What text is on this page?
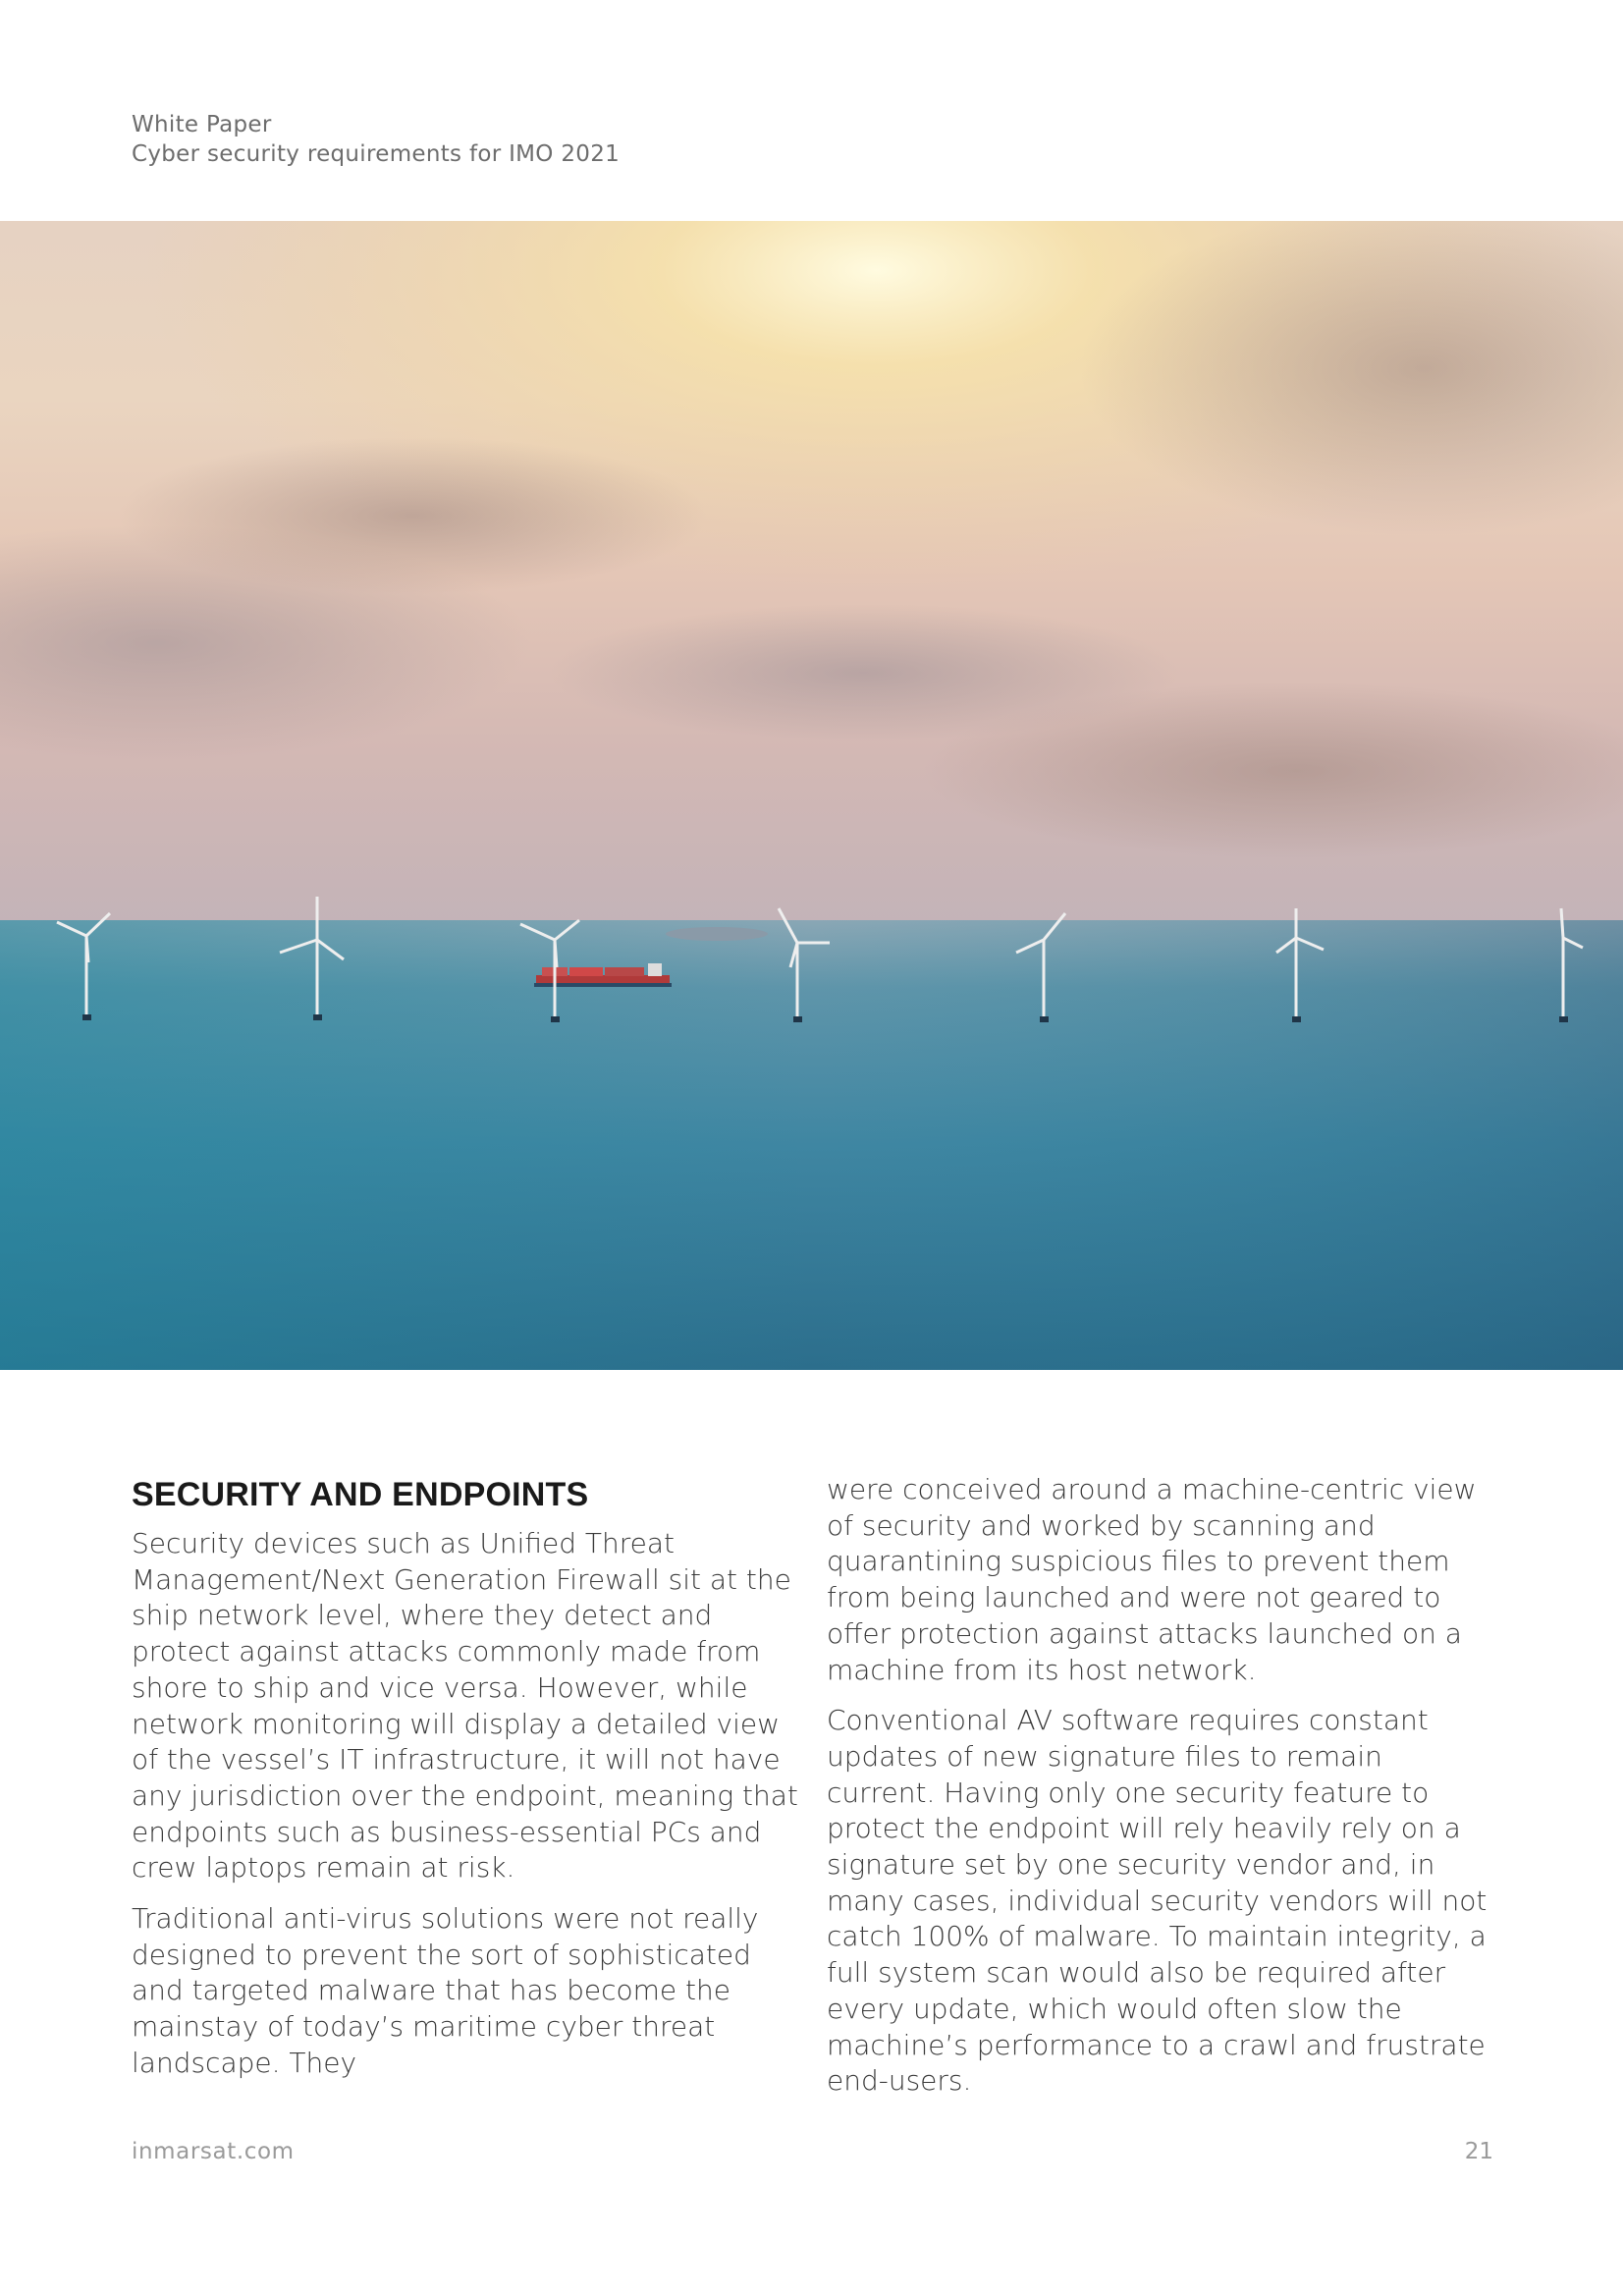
White Paper
Cyber security requirements for IMO 2021
SECURITY AND ENDPOINTS

Security devices such as Unified Threat Management/Next Generation Firewall sit at the ship network level, where they detect and protect against attacks commonly made from shore to ship and vice versa. However, while network monitoring will display a detailed view of the vessel’s IT infrastructure, it will not have any jurisdiction over the endpoint, meaning that endpoints such as business-essential PCs and crew laptops remain at risk.

Traditional anti-virus solutions were not really designed to prevent the sort of sophisticated and targeted malware that has become the mainstay of today’s maritime cyber threat landscape. They

were conceived around a machine-centric view of security and worked by scanning and quarantining suspicious files to prevent them from being launched and were not geared to offer protection against attacks launched on a machine from its host network.

Conventional AV software requires constant updates of new signature files to remain current. Having only one security feature to protect the endpoint will rely heavily rely on a signature set by one security vendor and, in many cases, individual security vendors will not catch 100% of malware. To maintain integrity, a full system scan would also be required after every update, which would often slow the machine’s performance to a crawl and frustrate end-users.

inmarsat.com	21
